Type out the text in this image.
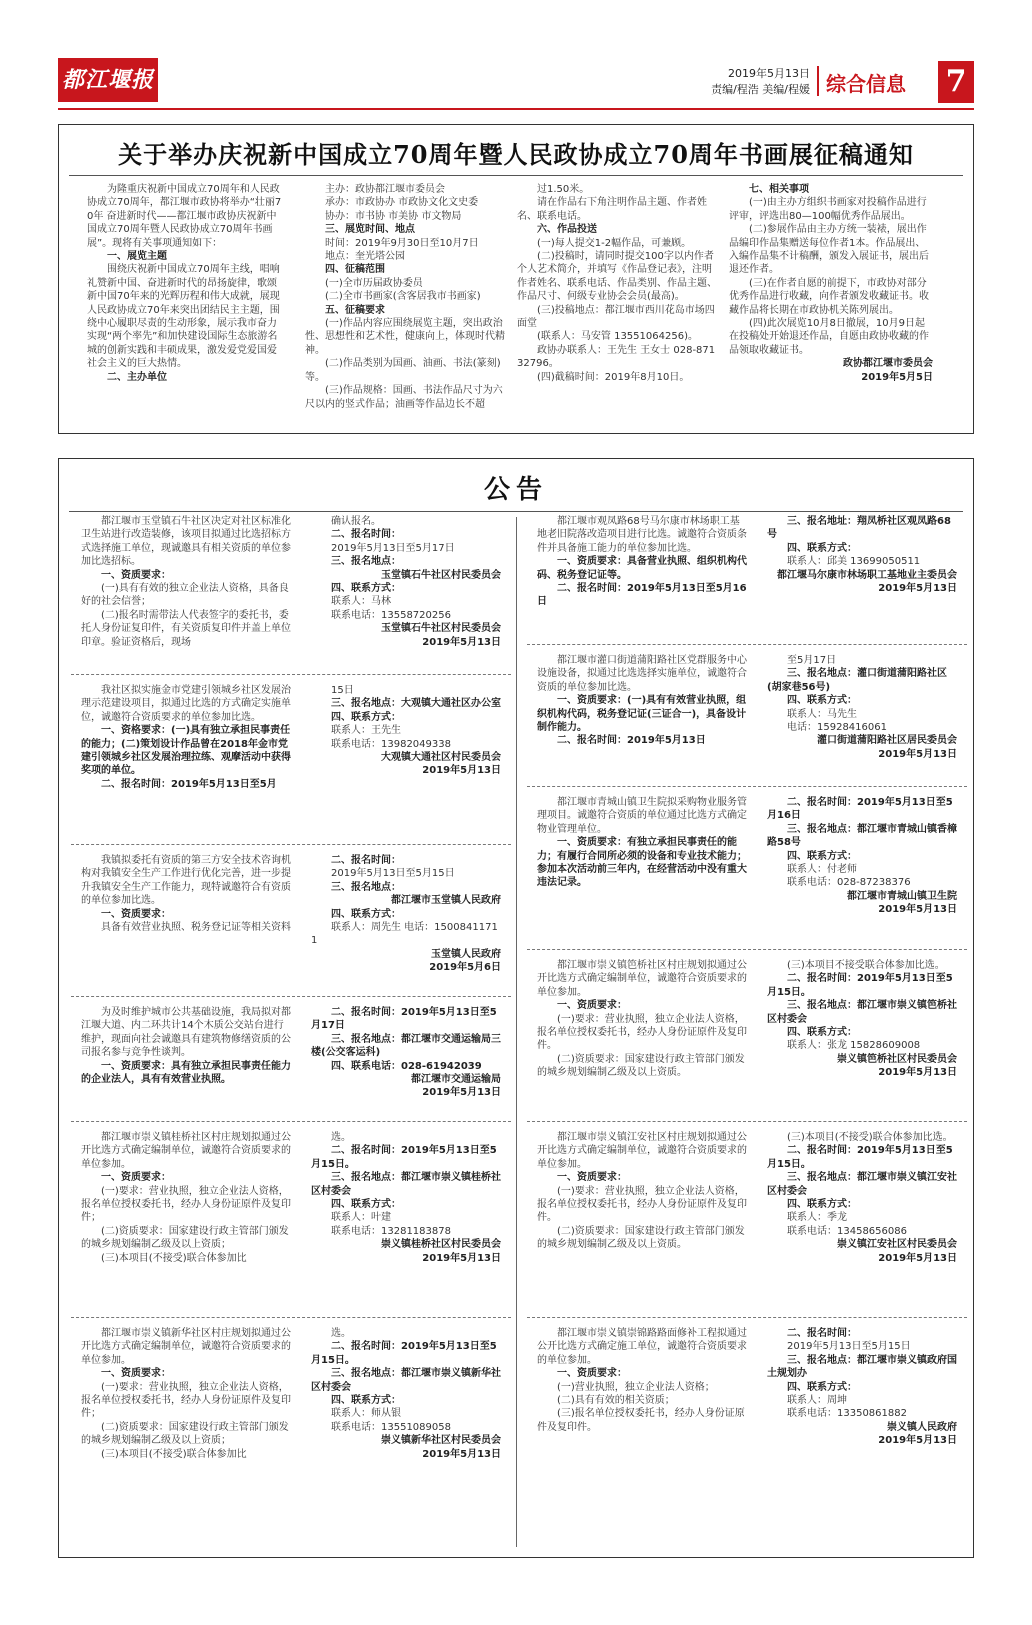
都江堰报	2019年5月13日
责编/程浩 美编/程媛 综合信息 7
关于举办庆祝新中国成立70周年暨人民政协成立70周年书画展征稿通知

为隆重庆祝新中国成立70周年和人民政协成立70周年，都江堰市政协将举办“壮丽70年 奋进新时代——都江堰市政协庆祝新中国成立70周年暨人民政协成立70周年书画展”。现将有关事项通知如下：

一、展览主题

围绕庆祝新中国成立70周年主线，唱响礼赞新中国、奋进新时代的昂扬旋律，歌颂新中国70年来的光辉历程和伟大成就，展现人民政协成立70年来突出团结民主主题，围绕中心履职尽责的生动形象，展示我市奋力实现“两个率先”和加快建设国际生态旅游名城的创新实践和丰硕成果，激发爱党爱国爱社会主义的巨大热情。

二、主办单位

主办：政协都江堰市委员会

承办：市政协办 市政协文化文史委

协办：市书协 市美协 市文物局

三、展览时间、地点

时间：2019年9月30日至10月7日

地点：奎光塔公园

四、征稿范围

(一)全市历届政协委员

(二)全市书画家(含客居我市书画家)

五、征稿要求

(一)作品内容应围绕展览主题，突出政治性、思想性和艺术性，健康向上，体现时代精神。

(二)作品类别为国画、油画、书法(篆刻)等。

(三)作品规格：国画、书法作品尺寸为六尺以内的竖式作品；油画等作品边长不超

过1.50米。

请在作品右下角注明作品主题、作者姓名、联系电话。

六、作品投送

(一)每人提交1-2幅作品，可兼顾。

(二)投稿时，请同时提交100字以内作者个人艺术简介，并填写《作品登记表》，注明作者姓名、联系电话、作品类别、作品主题、作品尺寸、何级专业协会会员(最高)。

(三)投稿地点：都江堰市西川花岛市场四面堂

(联系人：马安管 13551064256)。

政协办联系人：王先生 王女士 028-87132796。

(四)截稿时间：2019年8月10日。

七、相关事项

(一)由主办方组织书画家对投稿作品进行评审，评选出80—100幅优秀作品展出。

(二)参展作品由主办方统一装裱，展出作品编印作品集赠送每位作者1本。作品展出、入编作品集不计稿酬，颁发入展证书，展出后退还作者。

(三)在作者自愿的前提下，市政协对部分优秀作品进行收藏，向作者颁发收藏证书。收藏作品将长期在市政协机关陈列展出。

(四)此次展览10月8日撤展，10月9日起在投稿处开始退还作品，自愿由政协收藏的作品领取收藏证书。

政协都江堰市委员会

2019年5月5日

公告

都江堰市玉堂镇石牛社区决定对社区标准化卫生站进行改造装修，该项目拟通过比选招标方式选择施工单位，现诚邀具有相关资质的单位参加比选招标。

一、资质要求：

(一)具有有效的独立企业法人资格，具备良好的社会信誉；

(二)报名时需带法人代表签字的委托书，委托人身份证复印件，有关资质复印件并盖上单位印章。验证资格后，现场

确认报名。

二、报名时间：

2019年5月13日至5月17日

三、报名地点：

玉堂镇石牛社区村民委员会

四、联系方式：

联系人：马林

联系电话：13558720256

玉堂镇石牛社区村民委员会

2019年5月13日

我社区拟实施金市党建引领城乡社区发展治理示范建设项目，拟通过比选的方式确定实施单位，诚邀符合资质要求的单位参加比选。

一、资格要求：(一)具有独立承担民事责任的能力；(二)策划设计作品曾在2018年金市党建引领城乡社区发展治理拉练、观摩活动中获得奖项的单位。

二、报名时间：2019年5月13日至5月

15日

三、报名地点：大观镇大通社区办公室

四、联系方式：

联系人：王先生

联系电话：13982049338

大观镇大通社区村民委员会

2019年5月13日

我镇拟委托有资质的第三方安全技术咨询机构对我镇安全生产工作进行优化完善，进一步提升我镇安全生产工作能力，现特诚邀符合有资质的单位参加比选。

一、资质要求：

具备有效营业执照、税务登记证等相关资料

二、报名时间：

2019年5月13日至5月15日

三、报名地点：

都江堰市玉堂镇人民政府

四、联系方式：

联系人：周先生 电话：15008411711

玉堂镇人民政府

2019年5月6日

为及时维护城市公共基础设施，我局拟对都江堰大道、内二环共计14个木质公交站台进行维护，现面向社会诚邀具有建筑物修缮资质的公司报名参与竞争性谈判。

一、资质要求：具有独立承担民事责任能力的企业法人，具有有效营业执照。

二、报名时间：2019年5月13日至5月17日

三、报名地点：都江堰市交通运输局三楼(公交客运科)

四、联系电话：028-61942039

都江堰市交通运输局

2019年5月13日

都江堰市崇义镇桂桥社区村庄规划拟通过公开比选方式确定编制单位，诚邀符合资质要求的单位参加。

一、资质要求：

(一)要求：营业执照，独立企业法人资格，报名单位授权委托书，经办人身份证原件及复印件；

(二)资质要求：国家建设行政主管部门颁发的城乡规划编制乙级及以上资质；

(三)本项目(不接受)联合体参加比

选。

二、报名时间：2019年5月13日至5月15日。

三、报名地点：都江堰市崇义镇桂桥社区村委会

四、联系方式：

联系人：叶建

联系电话：13281183878

崇义镇桂桥社区村民委员会

2019年5月13日

都江堰市崇义镇新华社区村庄规划拟通过公开比选方式确定编制单位，诚邀符合资质要求的单位参加。

一、资质要求：

(一)要求：营业执照，独立企业法人资格，报名单位授权委托书，经办人身份证原件及复印件；

(二)资质要求：国家建设行政主管部门颁发的城乡规划编制乙级及以上资质；

(三)本项目(不接受)联合体参加比

选。

二、报名时间：2019年5月13日至5月15日。

三、报名地点：都江堰市崇义镇新华社区村委会

四、联系方式：

联系人：师从银

联系电话：13551089058

崇义镇新华社区村民委员会

2019年5月13日

都江堰市观凤路68号马尔康市林场职工基地老旧院落改造项目进行比选。诚邀符合资质条件并具备施工能力的单位参加比选。

一、资质要求：具备营业执照、组织机构代码、税务登记证等。

二、报名时间：2019年5月13日至5月16日

三、报名地址：翔凤桥社区观凤路68号

四、联系方式：

联系人：邱美 13699050511

都江堰马尔康市林场职工基地业主委员会

2019年5月13日

都江堰市灌口街道蒲阳路社区党群服务中心设施设备，拟通过比选选择实施单位，诚邀符合资质的单位参加比选。

一、资质要求：(一)具有有效营业执照，组织机构代码，税务登记证(三证合一)，具备设计制作能力。

二、报名时间：2019年5月13日

至5月17日

三、报名地点：灌口街道蒲阳路社区(胡家巷56号)

四、联系方式：

联系人：马先生

电话：15928416061

灌口街道蒲阳路社区居民委员会

2019年5月13日

都江堰市青城山镇卫生院拟采购物业服务管理项目。诚邀符合资质的单位通过比选方式确定物业管理单位。

一、资质要求：有独立承担民事责任的能力；有履行合同所必须的设备和专业技术能力；参加本次活动前三年内，在经营活动中没有重大违法记录。

二、报名时间：2019年5月13日至5月16日

三、报名地点：都江堰市青城山镇香樟路58号

四、联系方式：

联系人：付老师

联系电话：028-87238376

都江堰市青城山镇卫生院

2019年5月13日

都江堰市崇义镇笆桥社区村庄规划拟通过公开比选方式确定编制单位，诚邀符合资质要求的单位参加。

一、资质要求：

(一)要求：营业执照，独立企业法人资格，报名单位授权委托书，经办人身份证原件及复印件。

(二)资质要求：国家建设行政主管部门颁发的城乡规划编制乙级及以上资质。

(三)本项目不接受联合体参加比选。

二、报名时间：2019年5月13日至5月15日。

三、报名地点：都江堰市崇义镇笆桥社区村委会

四、联系方式：

联系人：张龙 15828609008

崇义镇笆桥社区村民委员会

2019年5月13日

都江堰市崇义镇江安社区村庄规划拟通过公开比选方式确定编制单位，诚邀符合资质要求的单位参加。

一、资质要求：

(一)要求：营业执照，独立企业法人资格，报名单位授权委托书，经办人身份证原件及复印件。

(二)资质要求：国家建设行政主管部门颁发的城乡规划编制乙级及以上资质。

(三)本项目(不接受)联合体参加比选。

二、报名时间：2019年5月13日至5月15日。

三、报名地点：都江堰市崇义镇江安社区村委会

四、联系方式：

联系人：季龙

联系电话：13458656086

崇义镇江安社区村民委员会

2019年5月13日

都江堰市崇义镇崇锦路路面修补工程拟通过公开比选方式确定施工单位，诚邀符合资质要求的单位参加。

一、资质要求：

(一)营业执照，独立企业法人资格；

(二)具有有效的相关资质；

(三)报名单位授权委托书，经办人身份证原件及复印件。

二、报名时间：

2019年5月13日至5月15日

三、报名地点：都江堰市崇义镇政府国土规划办

四、联系方式：

联系人：周坤

联系电话：13350861882

崇义镇人民政府

2019年5月13日
